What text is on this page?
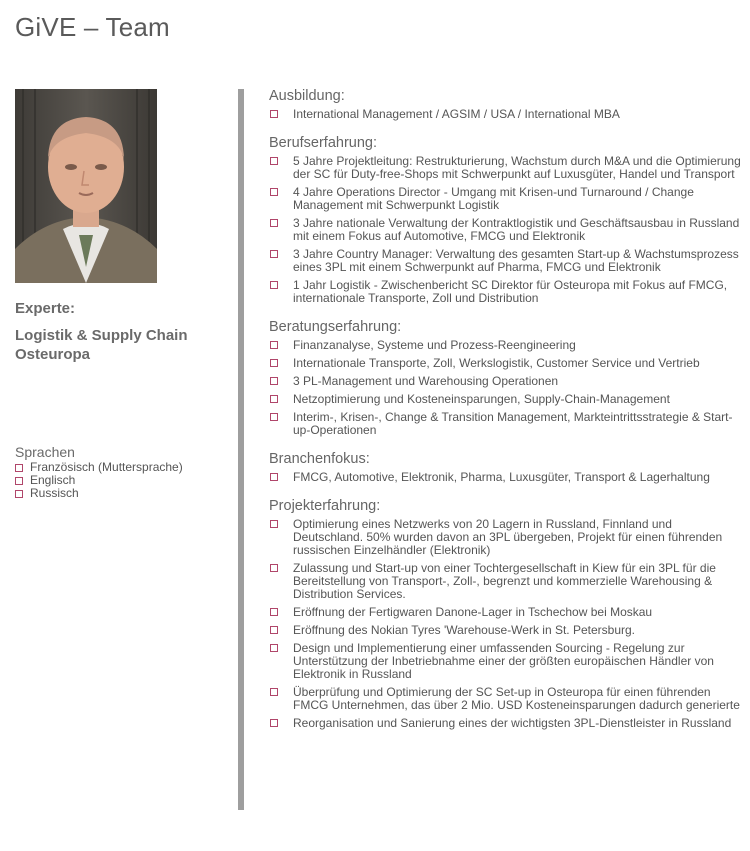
GiVE – Team
Experte:
Logistik & Supply Chain Osteuropa
Sprachen
Französisch (Muttersprache)
Englisch
Russisch
Ausbildung:
International Management / AGSIM / USA / International MBA
Berufserfahrung:
5 Jahre Projektleitung: Restrukturierung, Wachstum durch M&A und die Optimierung der SC für Duty-free-Shops mit Schwerpunkt auf Luxusgüter, Handel und Transport
4 Jahre Operations Director - Umgang mit Krisen-und Turnaround / Change Management mit Schwerpunkt Logistik
3 Jahre nationale Verwaltung der Kontraktlogistik und Geschäftsausbau in Russland mit einem Fokus auf Automotive, FMCG und Elektronik
3 Jahre Country Manager: Verwaltung des gesamten Start-up & Wachstumsprozess eines 3PL mit einem Schwerpunkt auf Pharma, FMCG und Elektronik
1 Jahr Logistik - Zwischenbericht SC Direktor für Osteuropa mit Fokus auf FMCG, internationale Transporte, Zoll und Distribution
Beratungserfahrung:
Finanzanalyse, Systeme und Prozess-Reengineering
Internationale Transporte, Zoll, Werkslogistik, Customer Service und Vertrieb
3 PL-Management und Warehousing Operationen
Netzoptimierung und Kosteneinsparungen, Supply-Chain-Management
Interim-, Krisen-, Change & Transition Management, Markteintrittsstrategie & Start-up-Operationen
Branchenfokus:
FMCG, Automotive, Elektronik, Pharma, Luxusgüter, Transport & Lagerhaltung
Projekterfahrung:
Optimierung eines Netzwerks von 20 Lagern in Russland, Finnland und Deutschland. 50% wurden davon an 3PL übergeben, Projekt für einen führenden russischen Einzelhändler (Elektronik)
Zulassung und Start-up von einer Tochtergesellschaft in Kiew für ein 3PL für die Bereitstellung von Transport-, Zoll-, begrenzt und kommerzielle Warehousing & Distribution Services.
Eröffnung der Fertigwaren Danone-Lager in Tschechow bei Moskau
Eröffnung des Nokian Tyres 'Warehouse-Werk in St. Petersburg.
Design und Implementierung einer umfassenden Sourcing - Regelung zur Unterstützung der Inbetriebnahme einer der größten europäischen Händler von Elektronik in Russland
Überprüfung und Optimierung der SC Set-up in Osteuropa für einen führenden FMCG Unternehmen, das über 2 Mio. USD Kosteneinsparungen dadurch generierte
Reorganisation und Sanierung eines der wichtigsten 3PL-Dienstleister in Russland
